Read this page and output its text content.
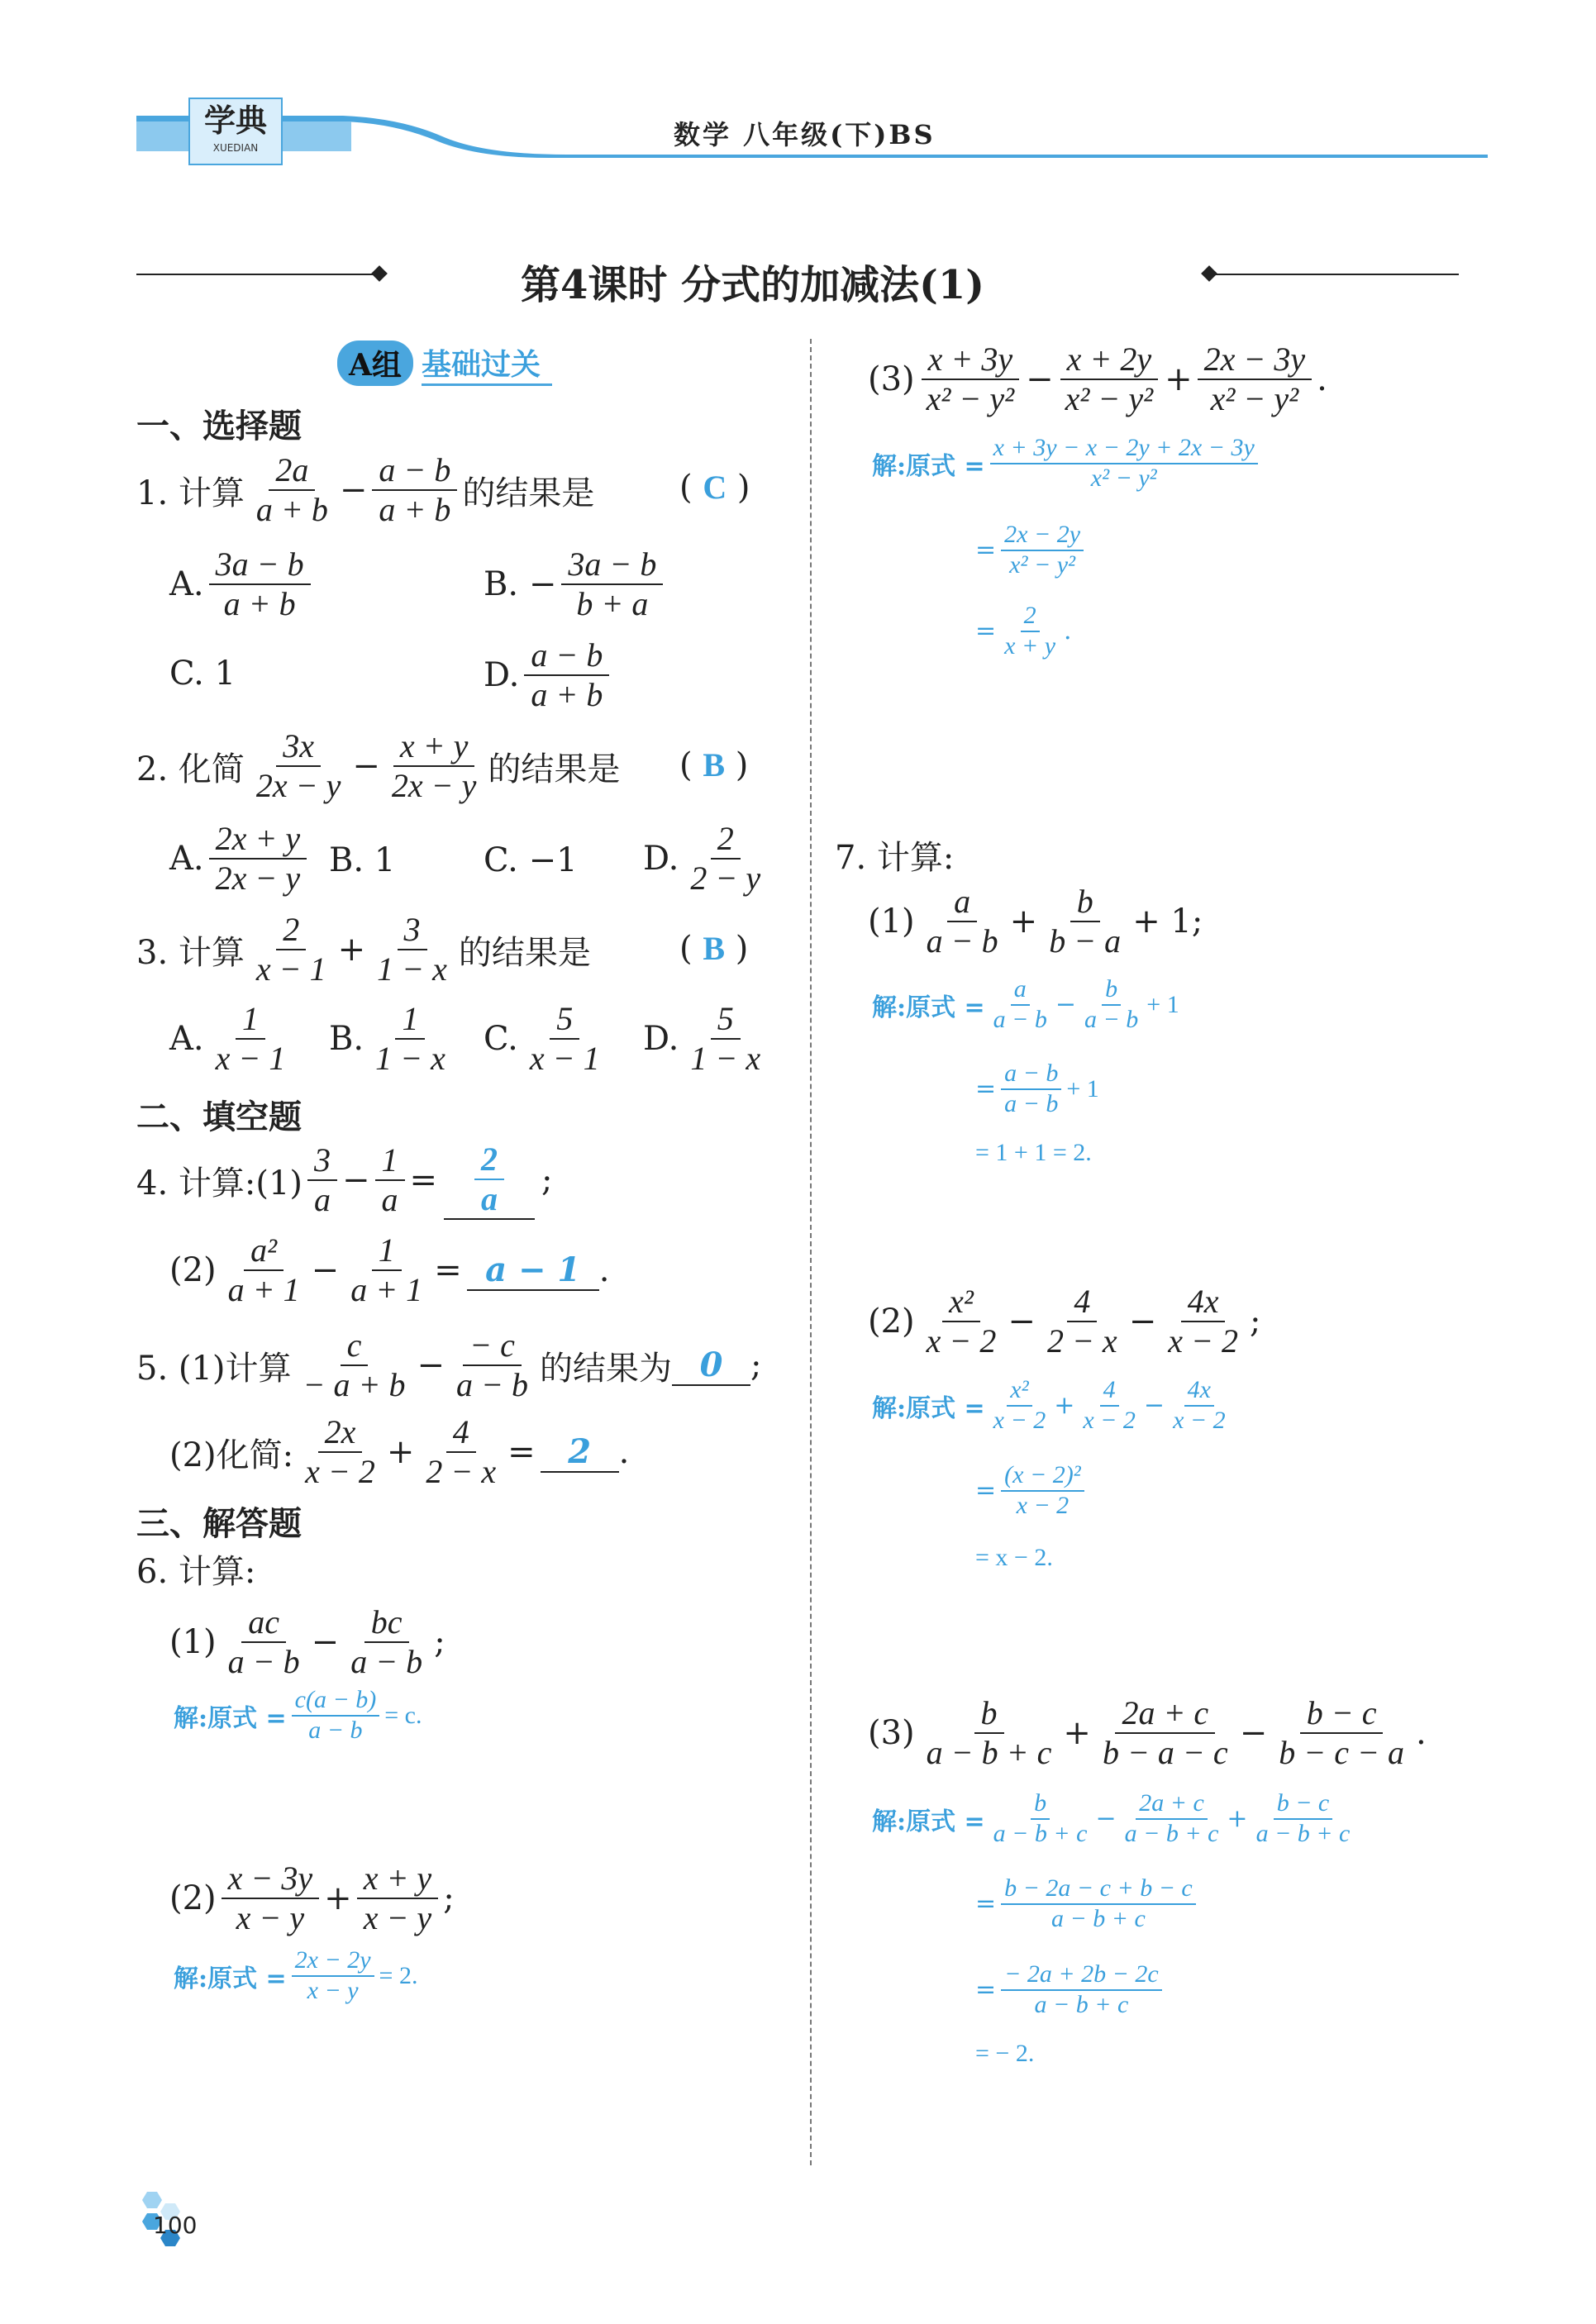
学典
XUEDIAN	数学 八年级(下)BS
第4课时 分式的加减法(1)
A组 基础过关
一、选择题
1. 计算
2a
a + b
− $\frac{a - b}{a + b}$ 的结果是	( C )
A.
3a − b
a + b
B. − $\frac{3a - b}{b + a}$
C. 1	D.
a − b
a + b
2. 化简
3x
2x − y
− $\frac{x + y}{2x - y}$ 的结果是 ( B )
A.
2x + y
2x − y B. 1	C. −1 D.
2
2 − y
3. 计算
2
x − 1
+ $\frac{3}{1 - x}$ 的结果是	( B )
A.
1
x − 1
B.
1
1 − x
C.
5
x − 1
D.
5
1 − x
二、填空题
4. 计算:(1)
3
a
− $\frac{1}{a} = \frac{2}{a}$ ;
(2)
a²
a + 1
− $\frac{1}{a + 1} = a - 1$ .
5. (1)计算
c
− a + b
− $\frac{- c}{a - b}$ 的结果为 0 ;
(2)化简:
2x
x − 2
+ $\frac{4}{2 - x} = 2$ .
三、解答题
6. 计算:
(1)
ac
a − b
− $\frac{bc}{a - b}$ ;
解:原式 = $\frac{c(a - b)}{a - b} = c$.
(2)
x − 3y
x − y
+ $\frac{x + y}{x - y}$ ;
解:原式 = $\frac{2x - 2y}{x - y} = 2$.
(3)
x + 3y
x² − y²
− $\frac{x + 2y}{\text{x² − y²}} + \frac{2x - 3y}{\text{x² − y²}}$ .
解:原式 = $\frac{x + 3y - x - 2y + 2x - 3y}{\text{x² − y²}}$
= $\frac{2x - 2y}{\text{x² − y²}}$
= $\frac{2}{x + y}$ .
7. 计算:
(1)
a
a − b
+ $\frac{b}{b - a} + 1$;
解:原式 = $\frac{a}{a - b} - \frac{b}{a - b} + 1$
= $\frac{a - b}{a - b} + 1$
= 1 + 1 = 2.
(2)
x²
x − 2
− $\frac{4}{2 - x} - \frac{4x}{x - 2}$ ;
解:原式 = $\frac{\text{x²}}{x - 2} + \frac{4}{x - 2} - \frac{4x}{x - 2}$
= $\frac{\text{(x − 2)²}}{x - 2}$
= x − 2.
(3)
b
a − b + c
+ $\frac{2a + c}{b - a - c} - \frac{b - c}{b - c - a}$ .
解:原式 = $\frac{b}{a - b + c} - \frac{2a + c}{a - b + c} + \frac{b - c}{a - b + c}$
= $\frac{b - 2a - c + b - c}{a - b + c}$
= $\frac{- 2a + 2b - 2c}{a - b + c}$
= − 2.
100
